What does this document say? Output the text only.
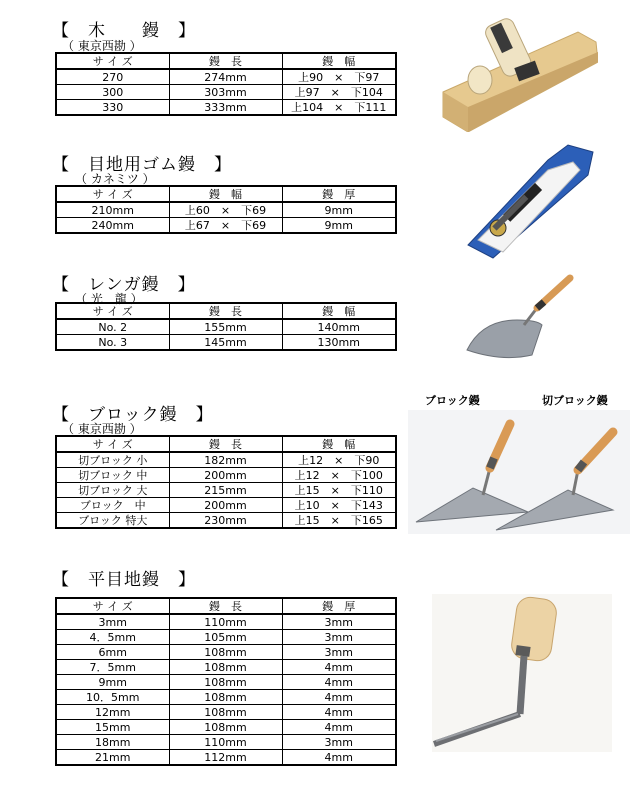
【　木　　鏝　】
（ 東京西勘 ）
サ イ ズ	鏝　長	鏝　幅
270	274mm	上90　×　下97
300	303mm	上97　×　下104
330	333mm	上104　×　下111
【　目地用ゴム鏝　】
（ カネミツ ）
サ イ ズ	鏝　幅	鏝　厚
210mm	上60　×　下69	9mm
240mm	上67　×　下69	9mm
【　レンガ鏝　】
（ 光　龍 ）
サ イ ズ	鏝　長	鏝　幅
No. 2	155mm	140mm
No. 3	145mm	130mm
【　ブロック鏝　】
（ 東京西勘 ）
サ イ ズ	鏝　長	鏝　幅
切ブロック 小	182mm	上12　×　下90
切ブロック 中	200mm	上12　×　下100
切ブロック 大	215mm	上15　×　下110
ブロック　中	200mm	上10　×　下143
ブロック 特大	230mm	上15　×　下165
ブロック鏝	切ブロック鏝
【　平目地鏝　】
サ イ ズ	鏝　長	鏝　厚
3mm	110mm	3mm
4．5mm	105mm	3mm
6mm	108mm	3mm
7．5mm	108mm	4mm
9mm	108mm	4mm
10．5mm	108mm	4mm
12mm	108mm	4mm
15mm	108mm	4mm
18mm	110mm	3mm
21mm	112mm	4mm
